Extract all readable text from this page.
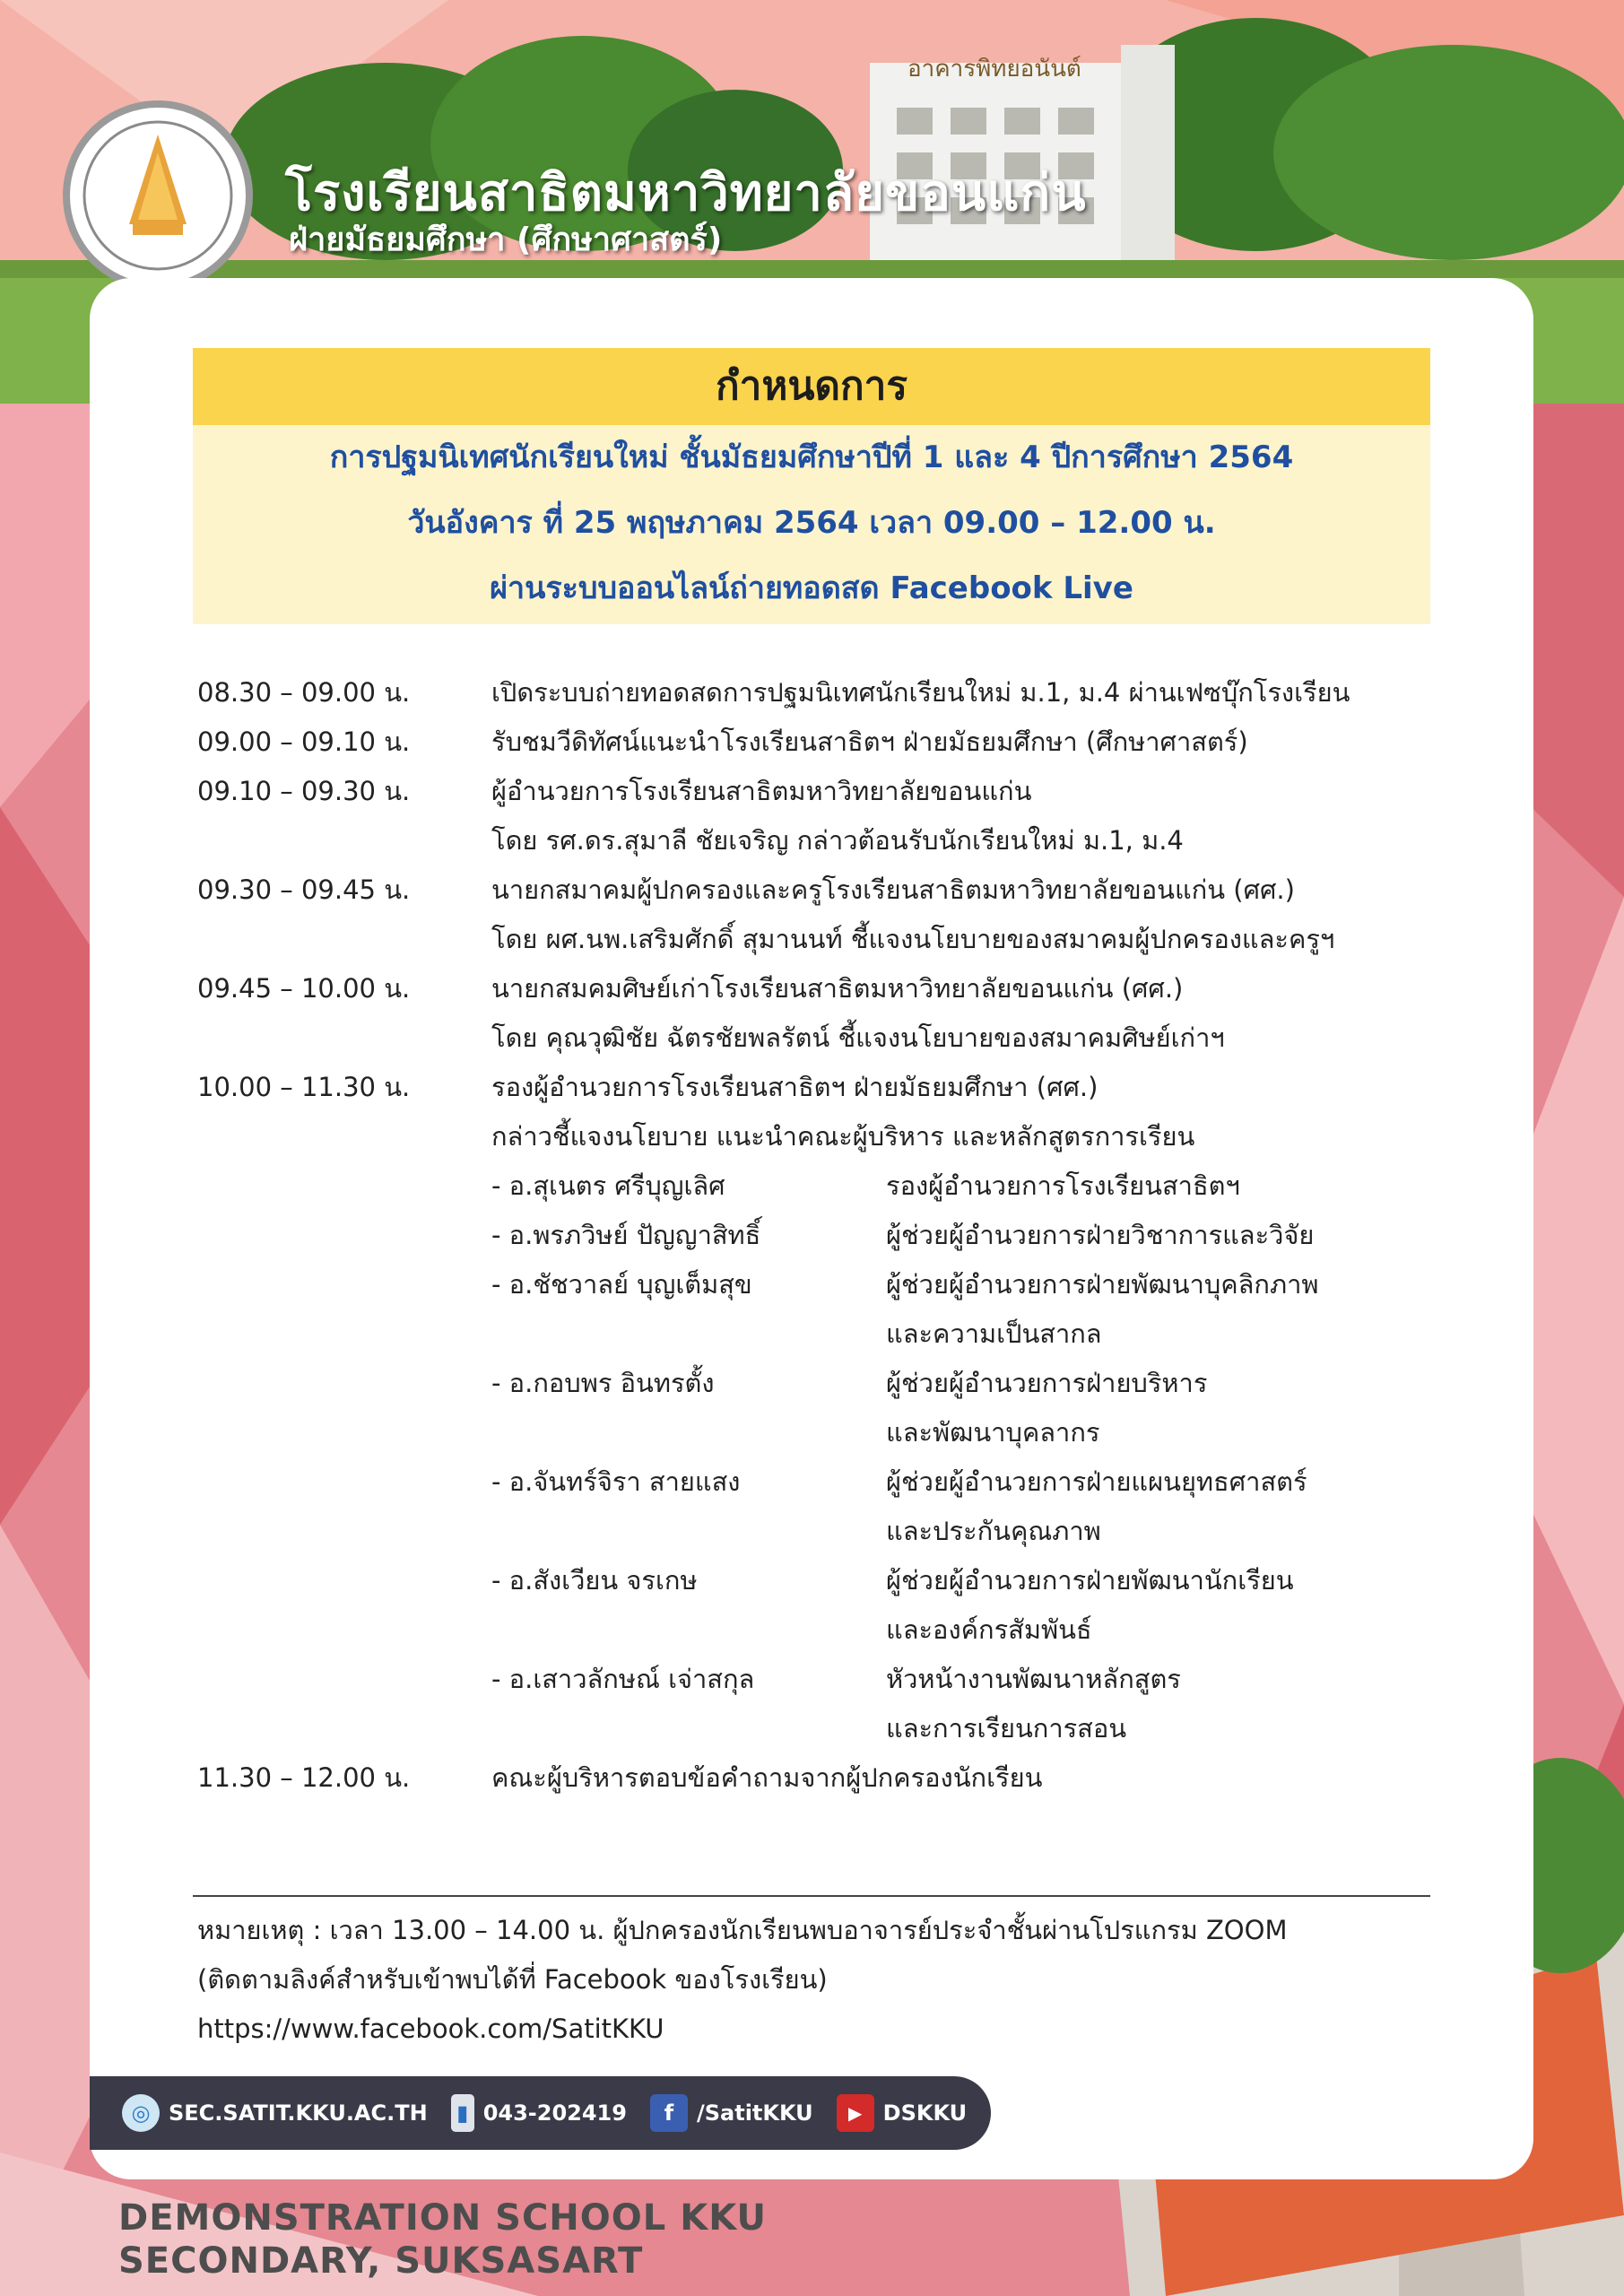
อาคารพิทยอนันต์
โรงเรียนสาธิตมหาวิทยาลัยขอนแก่น
ฝ่ายมัธยมศึกษา (ศึกษาศาสตร์)
กำหนดการ
การปฐมนิเทศนักเรียนใหม่ ชั้นมัธยมศึกษาปีที่ 1 และ 4 ปีการศึกษา 2564
วันอังคาร ที่ 25 พฤษภาคม 2564 เวลา 09.00 – 12.00 น.
ผ่านระบบออนไลน์ถ่ายทอดสด Facebook Live
08.30 – 09.00 น.	เปิดระบบถ่ายทอดสดการปฐมนิเทศนักเรียนใหม่ ม.1, ม.4 ผ่านเฟซบุ๊กโรงเรียน
09.00 – 09.10 น.	รับชมวีดิทัศน์แนะนำโรงเรียนสาธิตฯ ฝ่ายมัธยมศึกษา (ศึกษาศาสตร์)
09.10 – 09.30 น.	ผู้อำนวยการโรงเรียนสาธิตมหาวิทยาลัยขอนแก่น
โดย รศ.ดร.สุมาลี ชัยเจริญ กล่าวต้อนรับนักเรียนใหม่ ม.1, ม.4
09.30 – 09.45 น.	นายกสมาคมผู้ปกครองและครูโรงเรียนสาธิตมหาวิทยาลัยขอนแก่น (ศศ.)
โดย ผศ.นพ.เสริมศักดิ์ สุมานนท์ ชี้แจงนโยบายของสมาคมผู้ปกครองและครูฯ
09.45 – 10.00 น.	นายกสมคมศิษย์เก่าโรงเรียนสาธิตมหาวิทยาลัยขอนแก่น (ศศ.)
โดย คุณวุฒิชัย ฉัตรชัยพลรัตน์ ชี้แจงนโยบายของสมาคมศิษย์เก่าฯ
10.00 – 11.30 น.	รองผู้อำนวยการโรงเรียนสาธิตฯ ฝ่ายมัธยมศึกษา (ศศ.)
กล่าวชี้แจงนโยบาย แนะนำคณะผู้บริหาร และหลักสูตรการเรียน
- อ.สุเนตร ศรีบุญเลิศ	รองผู้อำนวยการโรงเรียนสาธิตฯ
- อ.พรภวิษย์ ปัญญาสิทธิ์	ผู้ช่วยผู้อำนวยการฝ่ายวิชาการและวิจัย
- อ.ชัชวาลย์ บุญเต็มสุข	ผู้ช่วยผู้อำนวยการฝ่ายพัฒนาบุคลิกภาพ
และความเป็นสากล
- อ.กอบพร อินทรตั้ง	ผู้ช่วยผู้อำนวยการฝ่ายบริหาร
และพัฒนาบุคลากร
- อ.จันทร์จิรา สายแสง	ผู้ช่วยผู้อำนวยการฝ่ายแผนยุทธศาสตร์
และประกันคุณภาพ
- อ.สังเวียน จรเกษ	ผู้ช่วยผู้อำนวยการฝ่ายพัฒนานักเรียน
และองค์กรสัมพันธ์
- อ.เสาวลักษณ์ เจ่าสกุล	หัวหน้างานพัฒนาหลักสูตร
และการเรียนการสอน
11.30 – 12.00 น.	คณะผู้บริหารตอบข้อคำถามจากผู้ปกครองนักเรียน
หมายเหตุ : เวลา 13.00 – 14.00 น. ผู้ปกครองนักเรียนพบอาจารย์ประจำชั้นผ่านโปรแกรม ZOOM
(ติดตามลิงค์สำหรับเข้าพบได้ที่ Facebook ของโรงเรียน)
https://www.facebook.com/SatitKKU
◎ SEC.SATIT.KKU.AC.TH ▮ 043-202419	f	/SatitKKU	▶ DSKKU
DEMONSTRATION SCHOOL KKU
SECONDARY, SUKSASART
